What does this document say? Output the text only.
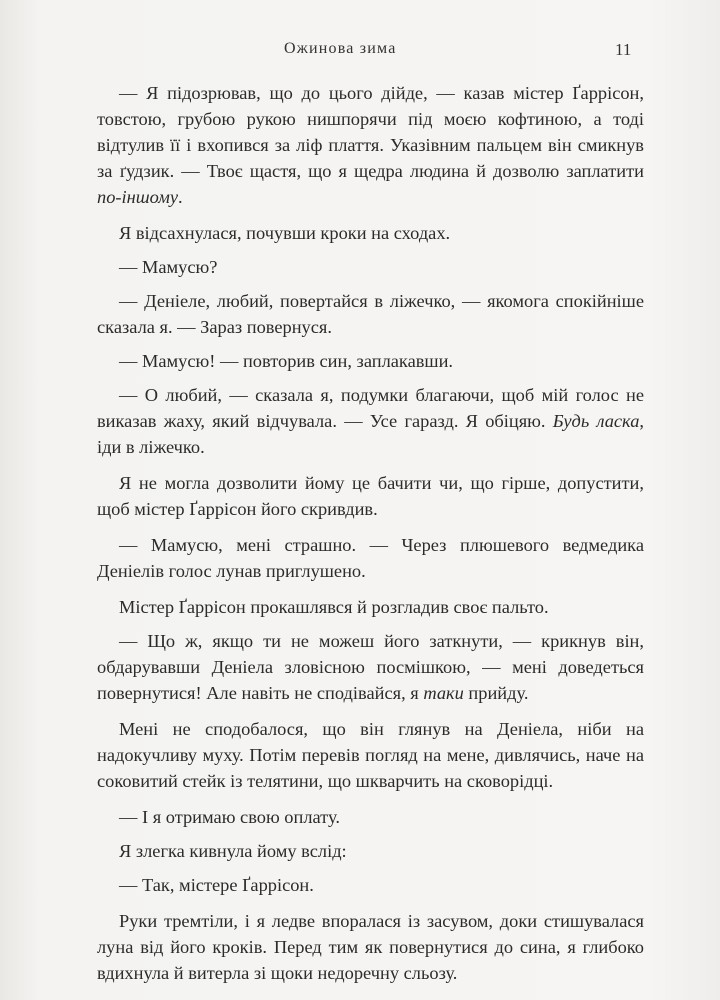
Ожинова зима	11

— Я підозрював, що до цього дійде, — казав містер Ґаррісон, товстою, грубою рукою нишпорячи під моєю кофтиною, а тоді відтулив її і вхопився за ліф плаття. Указівним пальцем він смикнув за ґудзик. — Твоє щастя, що я щедра людина й дозволю заплатити по-іншому.

Я відсахнулася, почувши кроки на сходах.

— Мамусю?

— Деніеле, любий, повертайся в ліжечко, — якомога спокійніше сказала я. — Зараз повернуся.

— Мамусю! — повторив син, заплакавши.

— О любий, — сказала я, подумки благаючи, щоб мій голос не виказав жаху, який відчувала. — Усе гаразд. Я обіцяю. Будь ласка, іди в ліжечко.

Я не могла дозволити йому це бачити чи, що гірше, допустити, щоб містер Ґаррісон його скривдив.

— Мамусю, мені страшно. — Через плюшевого ведмедика Деніелів голос лунав приглушено.

Містер Ґаррісон прокашлявся й розгладив своє пальто.

— Що ж, якщо ти не можеш його заткнути, — крикнув він, обдарувавши Деніела зловісною посмішкою, — мені доведеться повернутися! Але навіть не сподівайся, я таки прийду.

Мені не сподобалося, що він глянув на Деніела, ніби на надокучливу муху. Потім перевів погляд на мене, дивлячись, наче на соковитий стейк із телятини, що шкварчить на сковорідці.

— І я отримаю свою оплату.

Я злегка кивнула йому вслід:

— Так, містере Ґаррісон.

Руки тремтіли, і я ледве впоралася із засувом, доки стишувалася луна від його кроків. Перед тим як повернутися до сина, я глибоко вдихнула й витерла зі щоки недоречну сльозу.
